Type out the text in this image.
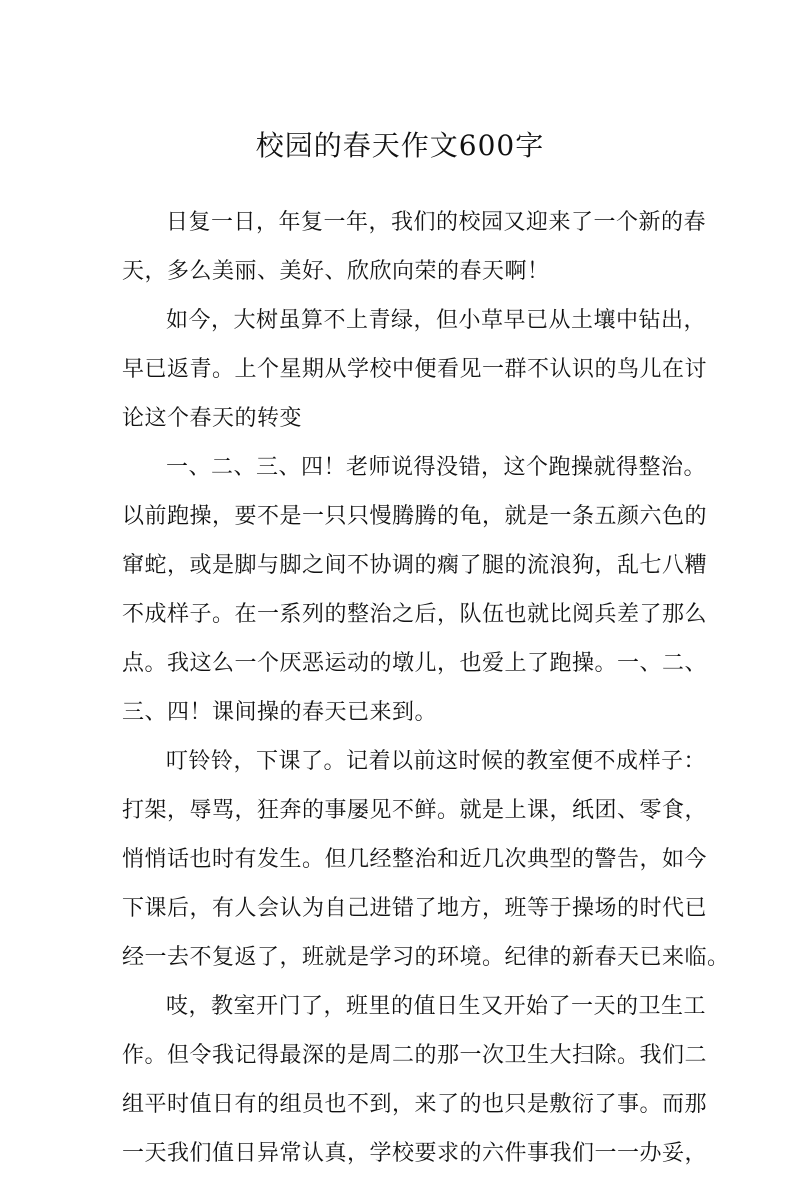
校园的春天作文600字
日复一日，年复一年，我们的校园又迎来了一个新的春
天，多么美丽、美好、欣欣向荣的春天啊！
如今，大树虽算不上青绿，但小草早已从土壤中钻出，
早已返青。上个星期从学校中便看见一群不认识的鸟儿在讨
论这个春天的转变
一、二、三、四！老师说得没错，这个跑操就得整治。
以前跑操，要不是一只只慢腾腾的龟，就是一条五颜六色的
窜蛇，或是脚与脚之间不协调的瘸了腿的流浪狗，乱七八糟
不成样子。在一系列的整治之后，队伍也就比阅兵差了那么
点。我这么一个厌恶运动的墩儿，也爱上了跑操。一、二、
三、四！课间操的春天已来到。
叮铃铃，下课了。记着以前这时候的教室便不成样子：
打架，辱骂，狂奔的事屡见不鲜。就是上课，纸团、零食，
悄悄话也时有发生。但几经整治和近几次典型的警告，如今
下课后，有人会认为自己进错了地方，班等于操场的时代已
经一去不复返了，班就是学习的环境。纪律的新春天已来临。
吱，教室开门了，班里的值日生又开始了一天的卫生工
作。但令我记得最深的是周二的那一次卫生大扫除。我们二
组平时值日有的组员也不到，来了的也只是敷衍了事。而那
一天我们值日异常认真，学校要求的六件事我们一一办妥，
